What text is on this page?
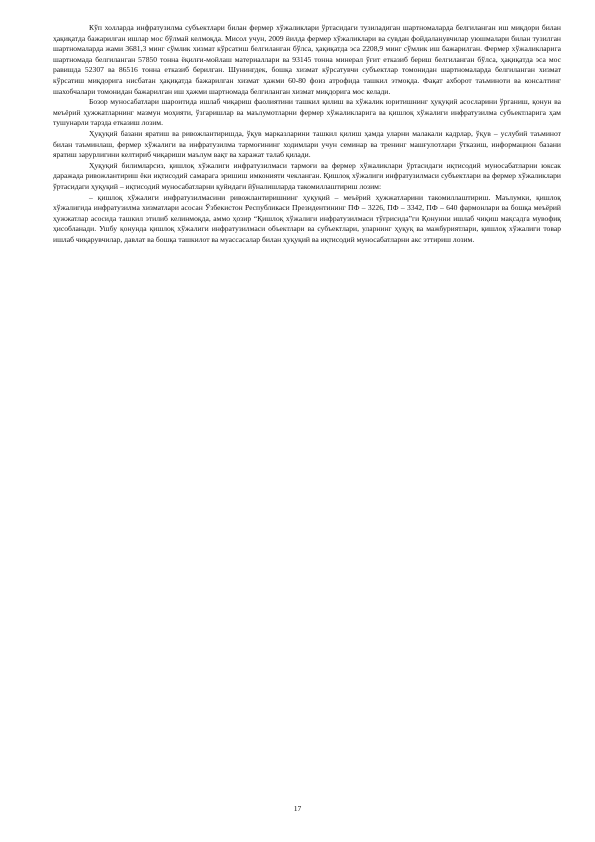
Кўп холларда инфратузилма субъектлари билан фермер хўжаликлари ўртасидаги тузиладиган шартномаларда белгиланган иш миқдори билан ҳақиқатда бажарилган ишлар мос бўлмай келмоқда. Мисол учун, 2009 йилда фермер хўжаликлари ва сувдан фойдаланувчилар уюшмалари билан тузилган шартномаларда жами 3681,3 минг сўмлик хизмат кўрсатиш белгиланган бўлса, ҳақиқатда эса 2208,9 минг сўмлик иш бажарилган. Фермер хўжаликларига шартномада белгиланган 57850 тонна ёқилғи-мойлаш материаллари ва 93145 тонна минерал ўғит етказиб бериш белгиланган бўлса, ҳақиқатда эса мос равишда 52307 ва 86516 тонна етказиб берилган. Шунингдек, бошқа хизмат кўрсатувчи субъектлар томонидан шартномаларда белгиланган хизмат кўрсатиш миқдорига нисбатан ҳақиқатда бажарилган хизмат ҳажми 60-80 фоиз атрофида ташкил этмоқда. Фақат ахборот таъминоти ва консалтинг шахобчалари томонидан бажарилган иш ҳажми шартномада белгиланган хизмат миқдорига мос келади.

Бозор муносабатлари шароитида ишлаб чиқариш фаолиятини ташкил қилиш ва хўжалик юритишнинг ҳуқуқий асосларини ўрганиш, қонун ва меъёрий ҳужжатларнинг мазмун моҳияти, ўзгаришлар ва маълумотларни фермер хўжаликларига ва қишлоқ хўжалиги инфратузилма субъектларига ҳам тушунарли тарзда етказиш лозим.

Ҳуқуқий базани яратиш ва ривожлантиришда, ўқув марказларини ташкил қилиш ҳамда уларни малакали кадрлар, ўқув – услубий таъминот билан таъминлаш, фермер хўжалиги ва инфратузилма тармоғининг ходимлари учун семинар ва тренинг машғулотлари ўтказиш, информацион базани яратиш зарурлигини келтириб чиқариши маълум вақт ва харажат талаб қилади.

Ҳуқуқий билимларсиз, қишлоқ хўжалиги инфратузилмаси тармоғи ва фермер хўжаликлари ўртасидаги иқтисодий муносабатларни юксак даражада ривожлантириш ёки иқтисодий самарага эришиш имконияти чекланган. Қишлоқ хўжалиги инфратузилмаси субъектлари ва фермер хўжаликлари ўртасидаги ҳуқуқий – иқтисодий муносабатларни қуйидаги йўналишларда такомиллаштириш лозим:

– қишлоқ хўжалиги инфратузилмасини ривожлантиришнинг ҳуқуқий – меъёрий ҳужжатларини такомиллаштириш. Маълумки, қишлоқ хўжалигида инфратузилма хизматлари асосан Ўзбекистон Республикаси Президентининг ПФ – 3226, ПФ – 3342, ПФ – 640 фармонлари ва бошқа меъёрий ҳужжатлар асосида ташкил этилиб келинмоқда, аммо ҳозир “Қишлоқ хўжалиги инфратузилмаси тўғрисида”ги Қонунни ишлаб чиқиш мақсадга мувофиқ ҳисобланади. Ушбу қонунда қишлоқ хўжалиги инфратузилмаси объектлари ва субъектлари, уларнинг ҳуқуқ ва мажбуриятлари, қишлоқ хўжалиги товар ишлаб чиқарувчилар, давлат ва бошқа ташкилот ва муассасалар билан ҳуқуқий ва иқтисодий муносабатларни акс эттириш лозим.

17
